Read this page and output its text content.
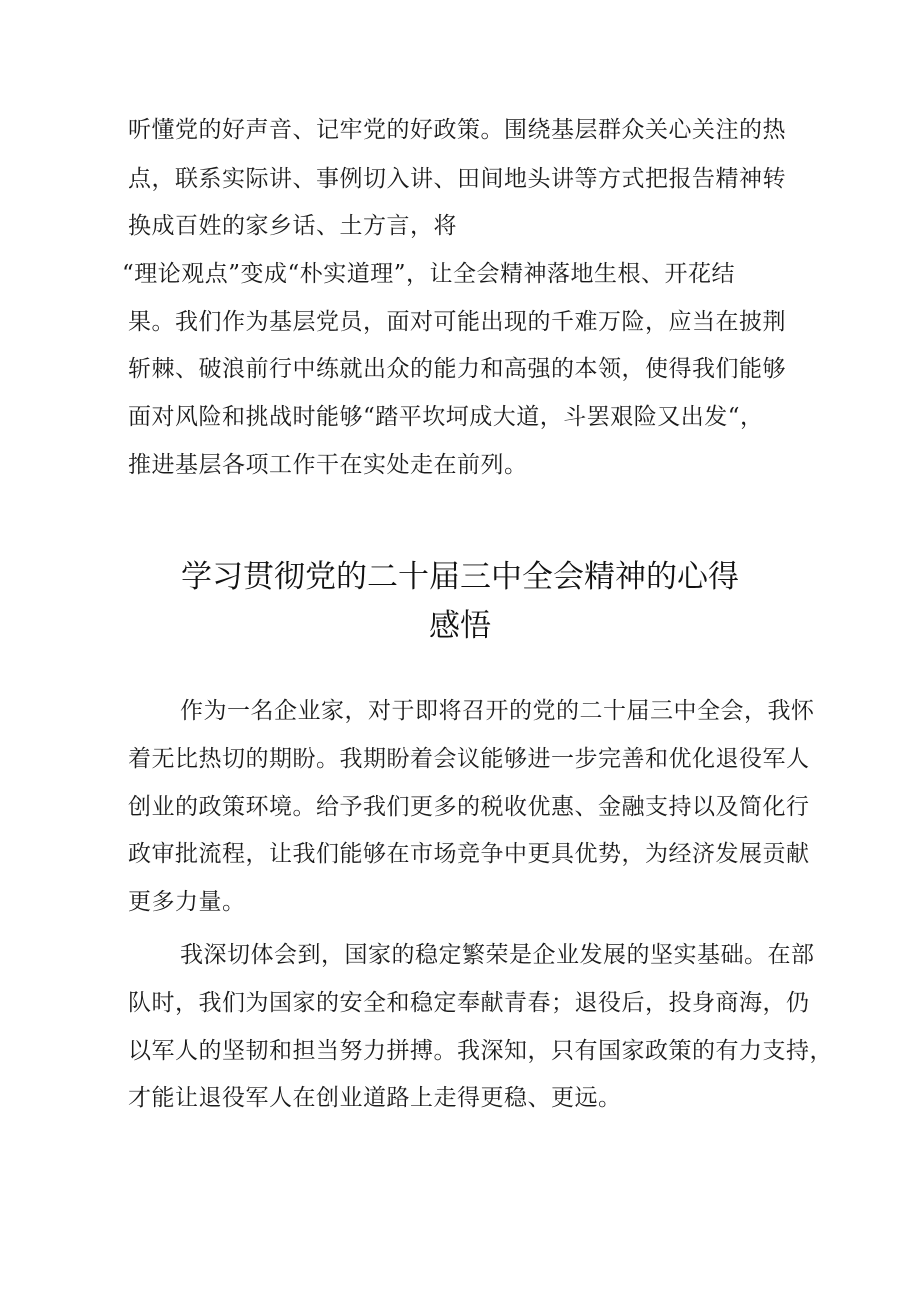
听懂党的好声音、记牢党的好政策。围绕基层群众关心关注的热
点，联系实际讲、事例切入讲、田间地头讲等方式把报告精神转
换成百姓的家乡话、土方言，将
“理论观点”变成“朴实道理”，让全会精神落地生根、开花结
果。我们作为基层党员，面对可能出现的千难万险，应当在披荆
斩棘、破浪前行中练就出众的能力和高强的本领，使得我们能够
面对风险和挑战时能够“踏平坎坷成大道，斗罢艰险又出发“，
推进基层各项工作干在实处走在前列。
学习贯彻党的二十届三中全会精神的心得
感悟
作为一名企业家，对于即将召开的党的二十届三中全会，我怀
着无比热切的期盼。我期盼着会议能够进一步完善和优化退役军人
创业的政策环境。给予我们更多的税收优惠、金融支持以及简化行
政审批流程，让我们能够在市场竞争中更具优势，为经济发展贡献
更多力量。
我深切体会到，国家的稳定繁荣是企业发展的坚实基础。在部
队时，我们为国家的安全和稳定奉献青春；退役后，投身商海，仍
以军人的坚韧和担当努力拼搏。我深知，只有国家政策的有力支持，
才能让退役军人在创业道路上走得更稳、更远。
